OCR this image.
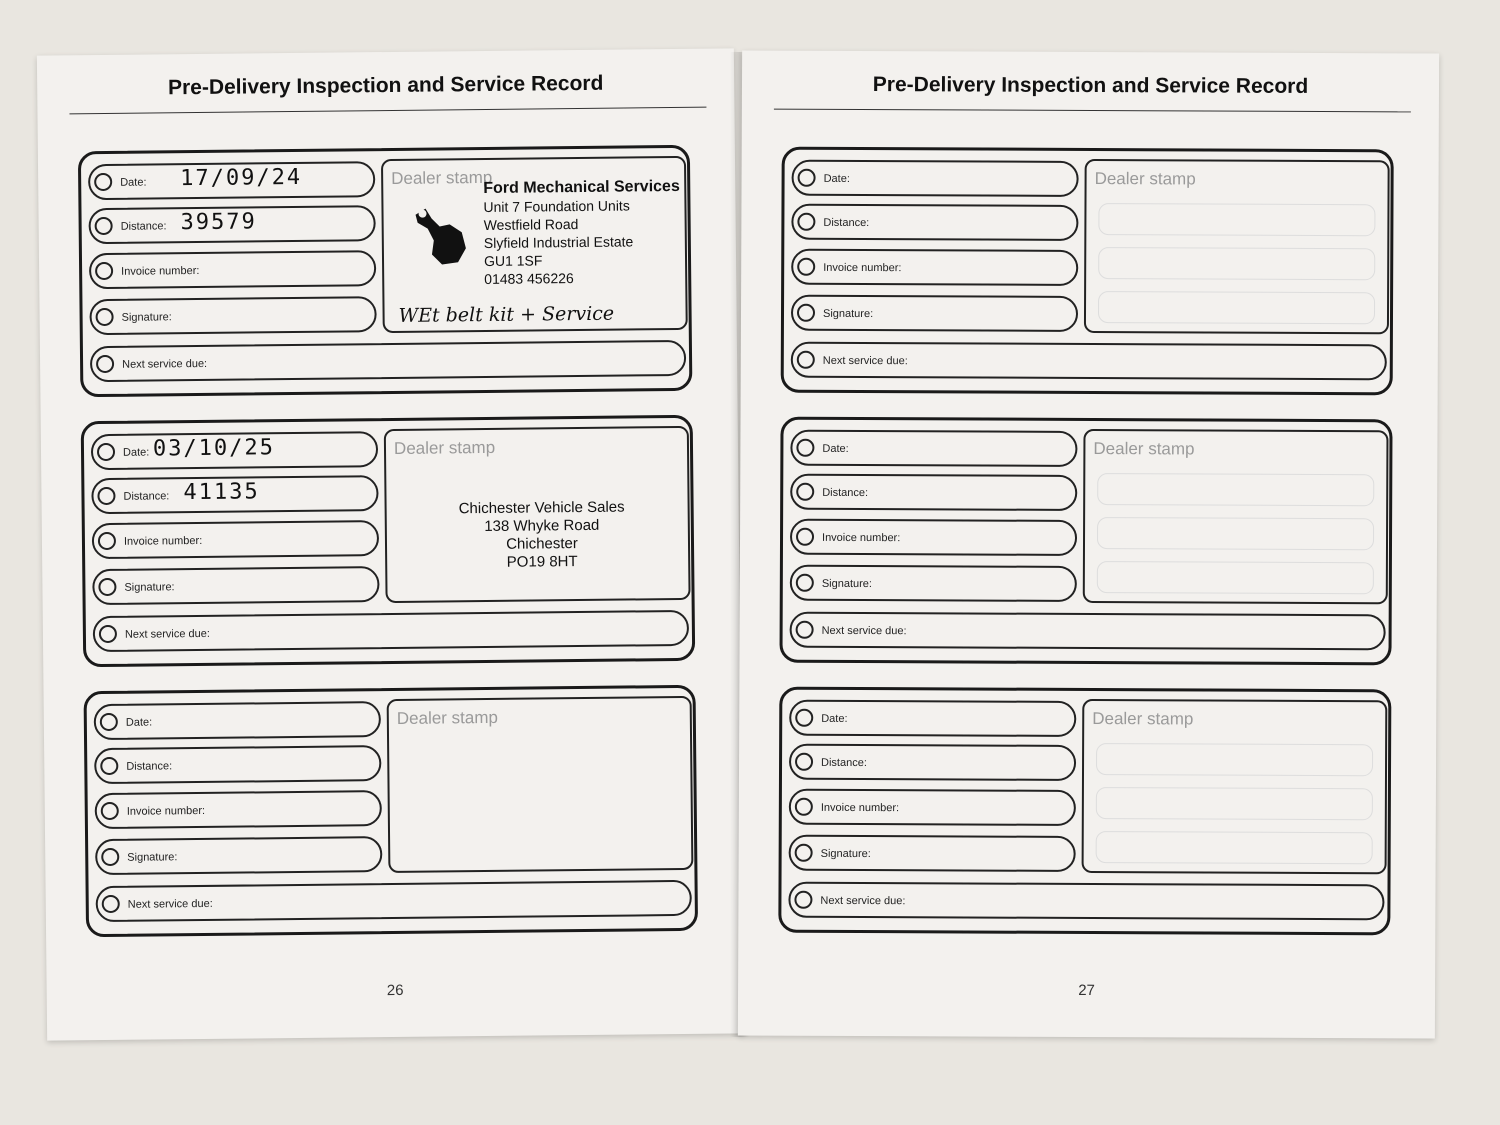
Pre-Delivery Inspection and Service Record
Date: 17/09/24
Distance: 39579
Invoice number:
Signature:
Next service due:
Dealer stamp
Ford Mechanical Services
Unit 7 Foundation Units
Westfield Road
Slyfield Industrial Estate
GU1 1SF
01483 456226
WEt belt kit + Service
Date: 03/10/25
Distance: 41135
Invoice number:
Signature:
Next service due:
Dealer stamp
Chichester Vehicle Sales
138 Whyke Road
Chichester
PO19 8HT
Date:
Distance:
Invoice number:
Signature:
Next service due:
Dealer stamp
26
Pre-Delivery Inspection and Service Record
Date:
Distance:
Invoice number:
Signature:
Next service due:
Dealer stamp
Date:
Distance:
Invoice number:
Signature:
Next service due:
Dealer stamp
Date:
Distance:
Invoice number:
Signature:
Next service due:
Dealer stamp
27
